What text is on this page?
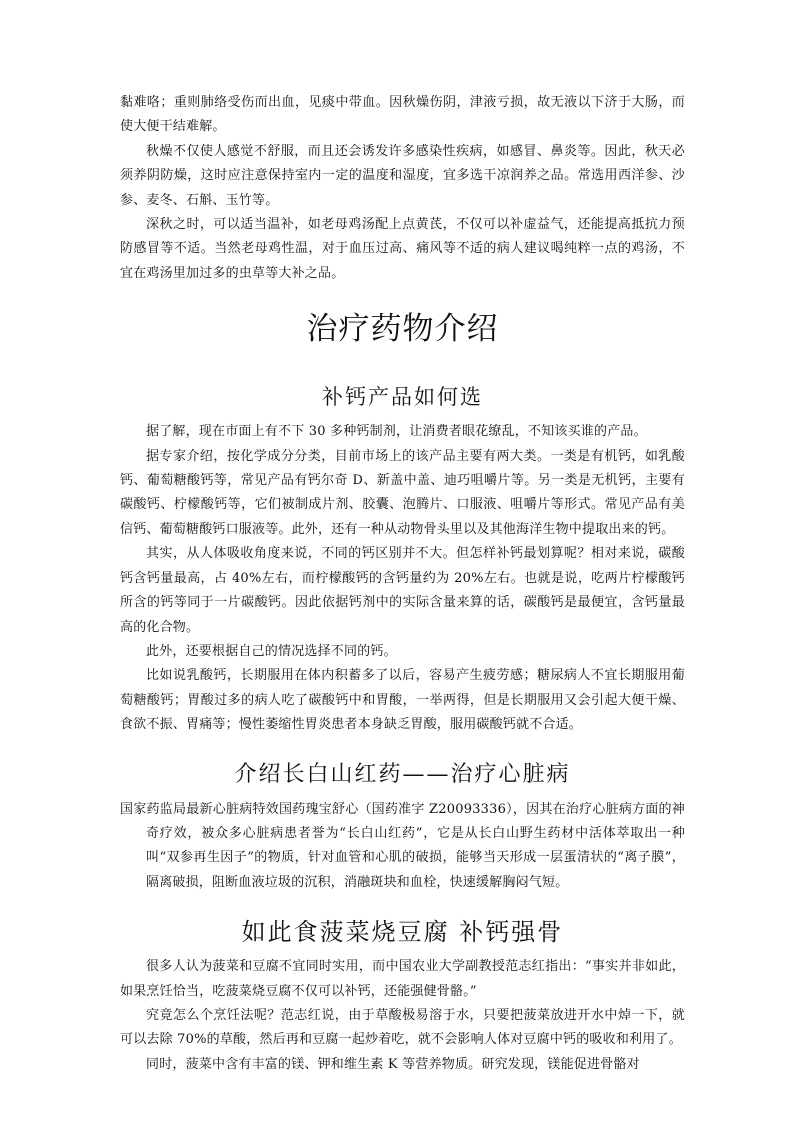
黏难咯；重则肺络受伤而出血，见痰中带血。因秋燥伤阴，津液亏损，故无液以下济于大肠，而使大便干结难解。

秋燥不仅使人感觉不舒服，而且还会诱发许多感染性疾病，如感冒、鼻炎等。因此，秋天必须养阴防燥，这时应注意保持室内一定的温度和湿度，宜多选干凉润养之品。常选用西洋参、沙参、麦冬、石斛、玉竹等。

深秋之时，可以适当温补，如老母鸡汤配上点黄芪，不仅可以补虚益气，还能提高抵抗力预防感冒等不适。当然老母鸡性温，对于血压过高、痛风等不适的病人建议喝纯粹一点的鸡汤，不宜在鸡汤里加过多的虫草等大补之品。

治疗药物介绍
补钙产品如何选

据了解，现在市面上有不下 30 多种钙制剂，让消费者眼花缭乱，不知该买谁的产品。

据专家介绍，按化学成分分类，目前市场上的该产品主要有两大类。一类是有机钙，如乳酸钙、葡萄糖酸钙等，常见产品有钙尔奇 D、新盖中盖、迪巧咀嚼片等。另一类是无机钙，主要有碳酸钙、柠檬酸钙等，它们被制成片剂、胶囊、泡腾片、口服液、咀嚼片等形式。常见产品有美信钙、葡萄糖酸钙口服液等。此外，还有一种从动物骨头里以及其他海洋生物中提取出来的钙。

其实，从人体吸收角度来说，不同的钙区别并不大。但怎样补钙最划算呢？相对来说，碳酸钙含钙量最高，占 40%左右，而柠檬酸钙的含钙量约为 20%左右。也就是说，吃两片柠檬酸钙所含的钙等同于一片碳酸钙。因此依据钙剂中的实际含量来算的话，碳酸钙是最便宜，含钙量最高的化合物。

此外，还要根据自己的情况选择不同的钙。

比如说乳酸钙，长期服用在体内积蓄多了以后，容易产生疲劳感；糖尿病人不宜长期服用葡萄糖酸钙；胃酸过多的病人吃了碳酸钙中和胃酸，一举两得，但是长期服用又会引起大便干燥、食欲不振、胃痛等；慢性萎缩性胃炎患者本身缺乏胃酸，服用碳酸钙就不合适。

介绍长白山红药——治疗心脏病

国家药监局最新心脏病特效国药瑰宝舒心（国药准字 Z20093336），因其在治疗心脏病方面的神奇疗效，被众多心脏病患者誉为“长白山红药”，它是从长白山野生药材中活体萃取出一种叫“双参再生因子”的物质，针对血管和心肌的破损，能够当天形成一层蛋清状的“离子膜”，隔离破损，阻断血液垃圾的沉积，消融斑块和血栓，快速缓解胸闷气短。

如此食菠菜烧豆腐 补钙强骨

很多人认为菠菜和豆腐不宜同时实用，而中国农业大学副教授范志红指出：“事实并非如此，如果烹饪恰当，吃菠菜烧豆腐不仅可以补钙，还能强健骨骼。”

究竟怎么个烹饪法呢？范志红说，由于草酸极易溶于水，只要把菠菜放进开水中焯一下，就可以去除 70%的草酸，然后再和豆腐一起炒着吃，就不会影响人体对豆腐中钙的吸收和利用了。

同时，菠菜中含有丰富的镁、钾和维生素 K 等营养物质。研究发现，镁能促进骨骼对
